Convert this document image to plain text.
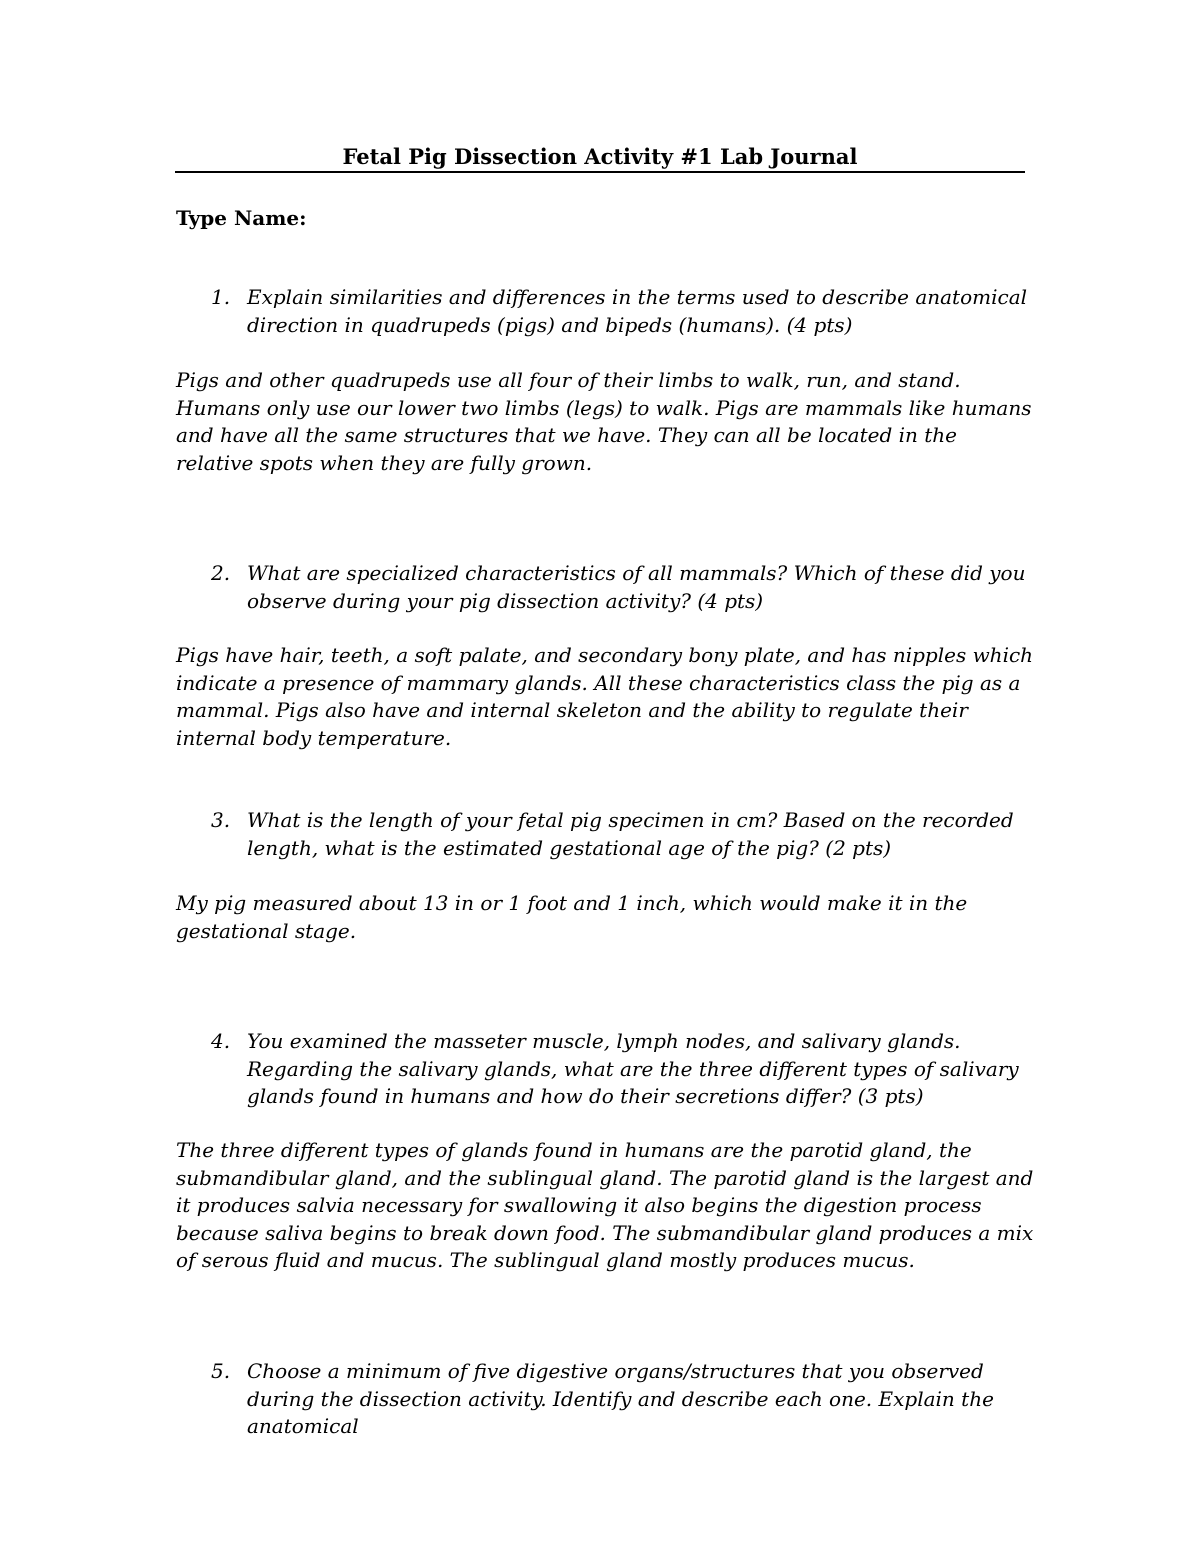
Fetal Pig Dissection Activity #1 Lab Journal
Type Name:
1. Explain similarities and differences in the terms used to describe anatomical direction in quadrupeds (pigs) and bipeds (humans). (4 pts)
Pigs and other quadrupeds use all four of their limbs to walk, run, and stand. Humans only use our lower two limbs (legs) to walk. Pigs are mammals like humans and have all the same structures that we have. They can all be located in the relative spots when they are fully grown.
2. What are specialized characteristics of all mammals? Which of these did you observe during your pig dissection activity? (4 pts)
Pigs have hair, teeth, a soft palate, and secondary bony plate, and has nipples which indicate a presence of mammary glands. All these characteristics class the pig as a mammal. Pigs also have and internal skeleton and the ability to regulate their internal body temperature.
3. What is the length of your fetal pig specimen in cm? Based on the recorded length, what is the estimated gestational age of the pig? (2 pts)
My pig measured about 13 in or 1 foot and 1 inch, which would make it in the gestational stage.
4. You examined the masseter muscle, lymph nodes, and salivary glands. Regarding the salivary glands, what are the three different types of salivary glands found in humans and how do their secretions differ? (3 pts)
The three different types of glands found in humans are the parotid gland, the submandibular gland, and the sublingual gland. The parotid gland is the largest and it produces salvia necessary for swallowing it also begins the digestion process because saliva begins to break down food. The submandibular gland produces a mix of serous fluid and mucus. The sublingual gland mostly produces mucus.
5. Choose a minimum of five digestive organs/structures that you observed during the dissection activity. Identify and describe each one. Explain the anatomical
